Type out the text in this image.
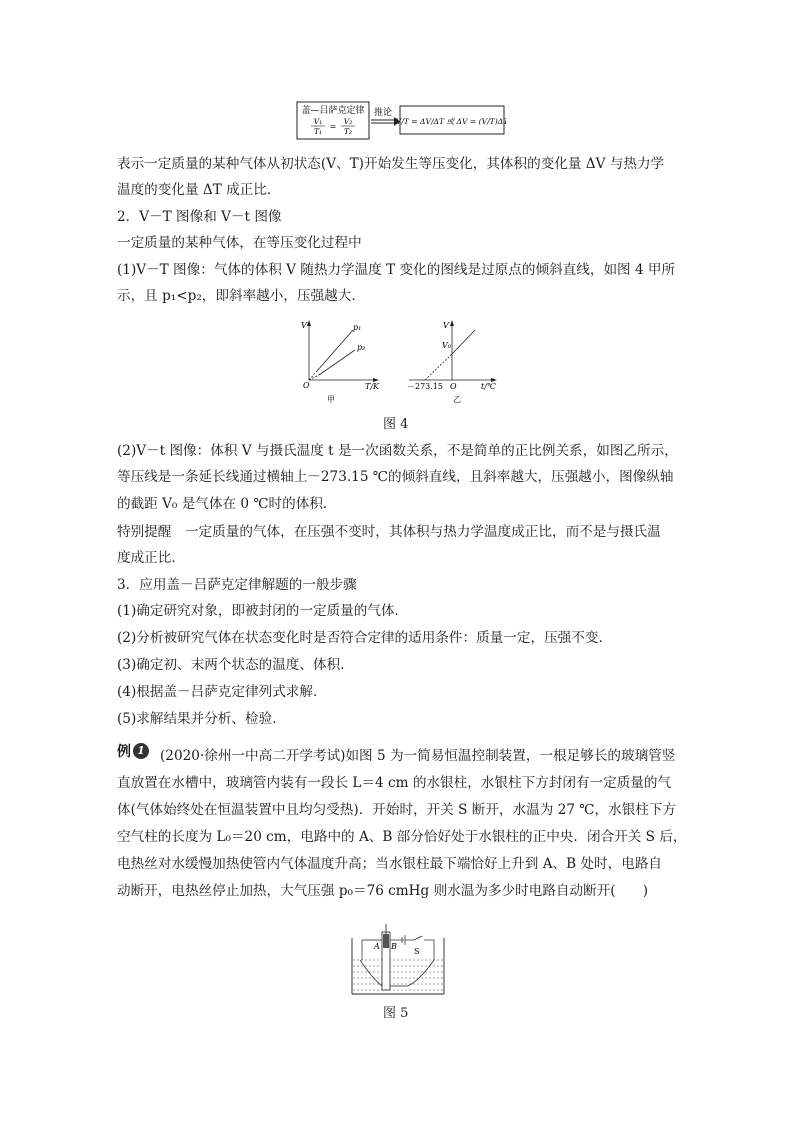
盖—吕萨克定律
V₁
T₁
=
V₂
T₂
推论
V/T = ΔV/ΔT 或 ΔV = (V/T)ΔT
表示一定质量的某种气体从初状态(V、T)开始发生等压变化，其体积的变化量 ΔV 与热力学
温度的变化量 ΔT 成正比．
2．V－T 图像和 V－t 图像
一定质量的某种气体，在等压变化过程中
(1)V－T 图像：气体的体积 V 随热力学温度 T 变化的图线是过原点的倾斜直线，如图 4 甲所
示，且 p₁<p₂，即斜率越小，压强越大．
V
T/K
O
p₁
p₂
甲
V
t/℃
O
V₀
－273.15
乙
图 4
(2)V－t 图像：体积 V 与摄氏温度 t 是一次函数关系，不是简单的正比例关系，如图乙所示，
等压线是一条延长线通过横轴上－273.15 ℃的倾斜直线，且斜率越大，压强越小，图像纵轴
的截距 V₀ 是气体在 0 ℃时的体积．
特别提醒　一定质量的气体，在压强不变时，其体积与热力学温度成正比，而不是与摄氏温
度成正比．
3．应用盖－吕萨克定律解题的一般步骤
(1)确定研究对象，即被封闭的一定质量的气体．
(2)分析被研究气体在状态变化时是否符合定律的适用条件：质量一定，压强不变．
(3)确定初、末两个状态的温度、体积．
(4)根据盖－吕萨克定律列式求解．
(5)求解结果并分析、检验．
例 1	(2020·徐州一中高二开学考试)如图 5 为一简易恒温控制装置，一根足够长的玻璃管竖
直放置在水槽中，玻璃管内装有一段长 L＝4 cm 的水银柱，水银柱下方封闭有一定质量的气
体(气体始终处在恒温装置中且均匀受热)．开始时，开关 S 断开，水温为 27 ℃，水银柱下方
空气柱的长度为 L₀＝20 cm，电路中的 A、B 部分恰好处于水银柱的正中央．闭合开关 S 后，
电热丝对水缓慢加热使管内气体温度升高；当水银柱最下端恰好上升到 A、B 处时，电路自
动断开，电热丝停止加热，大气压强 p₀＝76 cmHg 则水温为多少时电路自动断开(　　)
A B
S
图 5
